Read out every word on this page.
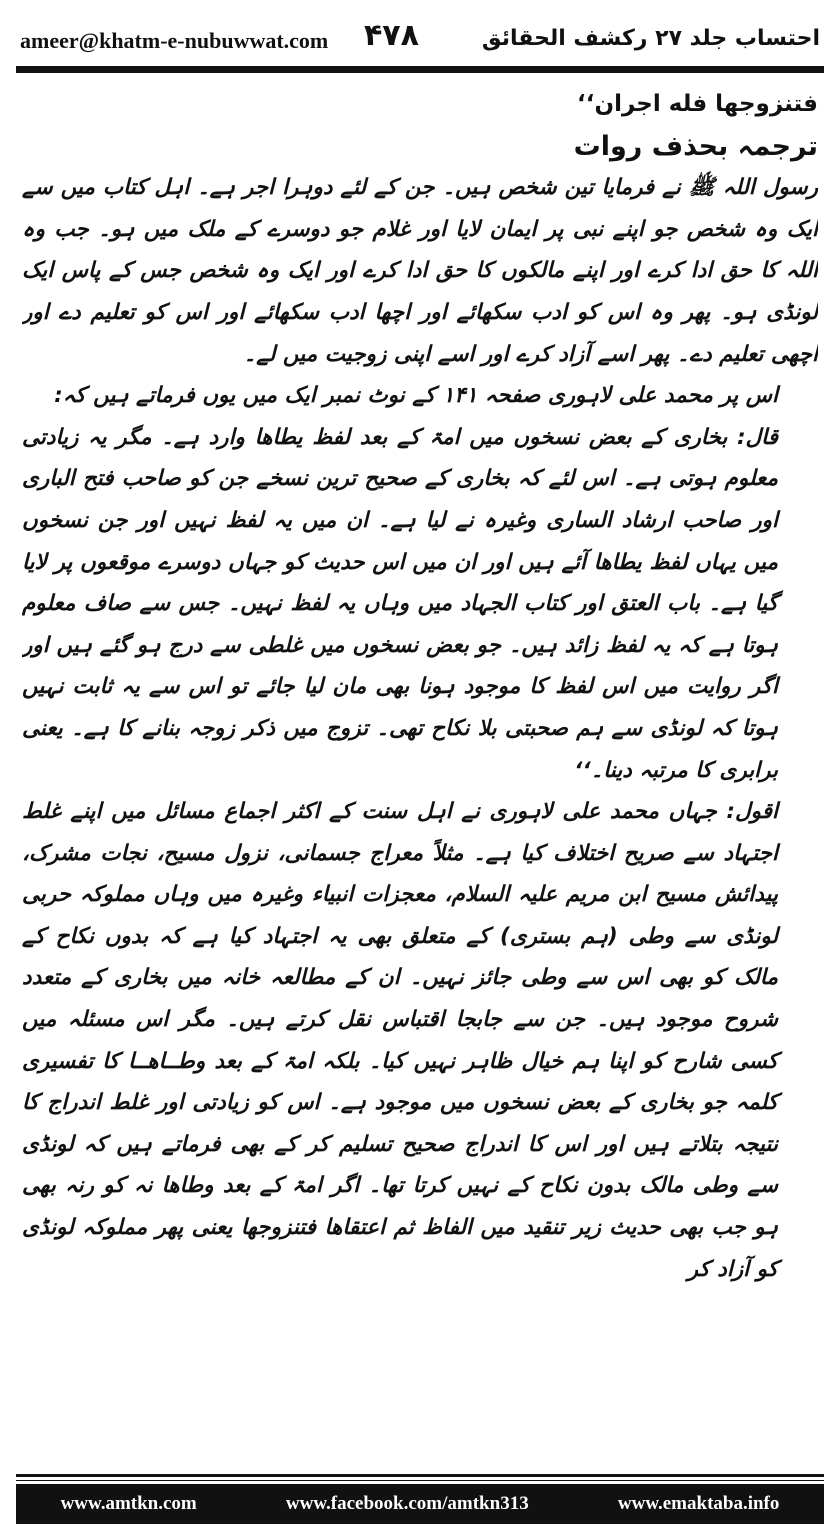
ameer@khatm-e-nubuwwat.com ۴۷۸	احتساب جلد ۲۷ رکشف الحقائق

فتنزوجها فله اجران‘‘

ترجمہ بحذف روات

رسول اللہ ﷺ نے فرمایا تین شخص ہیں۔ جن کے لئے دوہرا اجر ہے۔ اہل کتاب میں سے ایک وہ شخص جو اپنے نبی پر ایمان لایا اور غلام جو دوسرے کے ملک میں ہو۔ جب وہ اللہ کا حق ادا کرے اور اپنے مالکوں کا حق ادا کرے اور ایک وہ شخص جس کے پاس ایک لونڈی ہو۔ پھر وہ اس کو ادب سکھائے اور اچھا ادب سکھائے اور اس کو تعلیم دے اور اچھی تعلیم دے۔ پھر اسے آزاد کرے اور اسے اپنی زوجیت میں لے۔

اس پر محمد علی لاہوری صفحہ ۱۴۱ کے نوٹ نمبر ایک میں یوں فرماتے ہیں کہ:

قال: بخاری کے بعض نسخوں میں امۃ کے بعد لفظ یطاھا وارد ہے۔ مگر یہ زیادتی معلوم ہوتی ہے۔ اس لئے کہ بخاری کے صحیح ترین نسخے جن کو صاحب فتح الباری اور صاحب ارشاد الساری وغیرہ نے لیا ہے۔ ان میں یہ لفظ نہیں اور جن نسخوں میں یہاں لفظ یطاھا آئے ہیں اور ان میں اس حدیث کو جہاں دوسرے موقعوں پر لایا گیا ہے۔ باب العتق اور کتاب الجہاد میں وہاں یہ لفظ نہیں۔ جس سے صاف معلوم ہوتا ہے کہ یہ لفظ زائد ہیں۔ جو بعض نسخوں میں غلطی سے درج ہو گئے ہیں اور اگر روایت میں اس لفظ کا موجود ہونا بھی مان لیا جائے تو اس سے یہ ثابت نہیں ہوتا کہ لونڈی سے ہم صحبتی بلا نکاح تھی۔ تزوج میں ذکر زوجہ بنانے کا ہے۔ یعنی برابری کا مرتبہ دینا۔‘‘

اقول: جہاں محمد علی لاہوری نے اہل سنت کے اکثر اجماع مسائل میں اپنے غلط اجتہاد سے صریح اختلاف کیا ہے۔ مثلاً معراج جسمانی، نزول مسیح، نجات مشرک، پیدائش مسیح ابن مریم علیہ السلام، معجزات انبیاء وغیرہ میں وہاں مملوکہ حربی لونڈی سے وطی (ہم بستری) کے متعلق بھی یہ اجتہاد کیا ہے کہ بدوں نکاح کے مالک کو بھی اس سے وطی جائز نہیں۔ ان کے مطالعہ خانہ میں بخاری کے متعدد شروح موجود ہیں۔ جن سے جابجا اقتباس نقل کرتے ہیں۔ مگر اس مسئلہ میں کسی شارح کو اپنا ہم خیال ظاہر نہیں کیا۔ بلکہ امۃ کے بعد وطــاھــا کا تفسیری کلمہ جو بخاری کے بعض نسخوں میں موجود ہے۔ اس کو زیادتی اور غلط اندراج کا نتیجہ بتلاتے ہیں اور اس کا اندراج صحیح تسلیم کر کے بھی فرماتے ہیں کہ لونڈی سے وطی مالک بدون نکاح کے نہیں کرتا تھا۔ اگر امۃ کے بعد وطاھا نہ کو رنہ بھی ہو جب بھی حدیث زیر تنقید میں الفاظ ثم اعتقاھا فتنزوجھا یعنی پھر مملوکہ لونڈی کو آزاد کر

www.amtkn.com	www.facebook.com/amtkn313	www.emaktaba.info
